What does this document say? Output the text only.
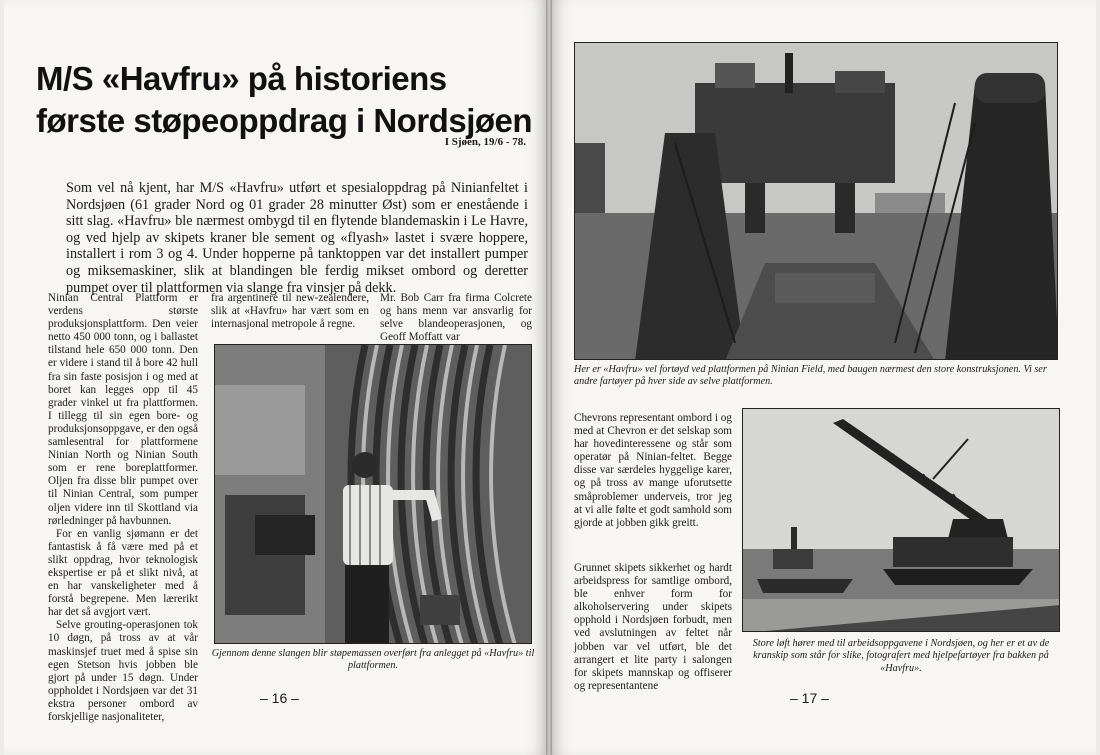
M/S «Havfru» på historiens første støpeoppdrag i Nordsjøen
I Sjøen, 19/6 - 78.

Som vel nå kjent, har M/S «Havfru» utført et spesialoppdrag på Ninianfeltet i Nordsjøen (61 grader Nord og 01 grader 28 minutter Øst) som er enestående i sitt slag. «Havfru» ble nærmest ombygd til en flytende blandemaskin i Le Havre, og ved hjelp av skipets kraner ble sement og «flyash» lastet i svære hoppere, installert i rom 3 og 4. Under hopperne på tanktoppen var det installert pumper og miksemaskiner, slik at blandingen ble ferdig mikset ombord og deretter pumpet over til plattformen via slange fra vinsjer på dekk.

Ninian Central Plattform er verdens største produksjonsplattform. Den veier netto 450 000 tonn, og i ballastet tilstand hele 650 000 tonn. Den er videre i stand til å bore 42 hull fra sin faste posisjon i og med at boret kan legges opp til 45 grader vinkel ut fra plattformen. I tillegg til sin egen bore- og produksjonsoppgave, er den også samlesentral for plattformene Ninian North og Ninian South som er rene boreplattformer. Oljen fra disse blir pumpet over til Ninian Central, som pumper oljen videre inn til Skottland via rørledninger på havbunnen.

For en vanlig sjømann er det fantastisk å få være med på et slikt oppdrag, hvor teknologisk ekspertise er på et slikt nivå, at en har vanskeligheter med å forstå begrepene. Men lærerikt har det så avgjort vært.

Selve grouting-operasjonen tok 10 døgn, på tross av at vår maskinsjef truet med å spise sin egen Stetson hvis jobben ble gjort på under 15 døgn. Under oppholdet i Nordsjøen var det 31 ekstra personer ombord av forskjellige nasjonaliteter,

fra argentinere til new-zealendere, slik at «Havfru» har vært som en internasjonal metropole å regne.

Mr. Bob Carr fra firma Colcrete og hans menn var ansvarlig for selve blandeoperasjonen, og Geoff Moffatt var

Gjennom denne slangen blir støpemassen overført fra anlegget på «Havfru» til plattformen.
– 16 –
Her er «Havfru» vel fortøyd ved plattformen på Ninian Field, med baugen nærmest den store konstruksjonen. Vi ser andre fartøyer på hver side av selve plattformen.

Chevrons representant ombord i og med at Chevron er det selskap som har hovedinteressene og står som operatør på Ninian-feltet. Begge disse var særdeles hyggelige karer, og på tross av mange uforutsette småproblemer underveis, tror jeg at vi alle følte et godt samhold som gjorde at jobben gikk greitt.

Grunnet skipets sikkerhet og hardt arbeidspress for samtlige ombord, ble enhver form for alkoholservering under skipets opphold i Nordsjøen forbudt, men ved avslutningen av feltet når jobben var vel utført, ble det arrangert et lite party i salongen for skipets mannskap og offiserer og representantene

Store løft hører med til arbeidsoppgavene i Nordsjøen, og her er et av de kranskip som står for slike, fotografert med hjelpefartøyer fra bakken på «Havfru».
– 17 –
